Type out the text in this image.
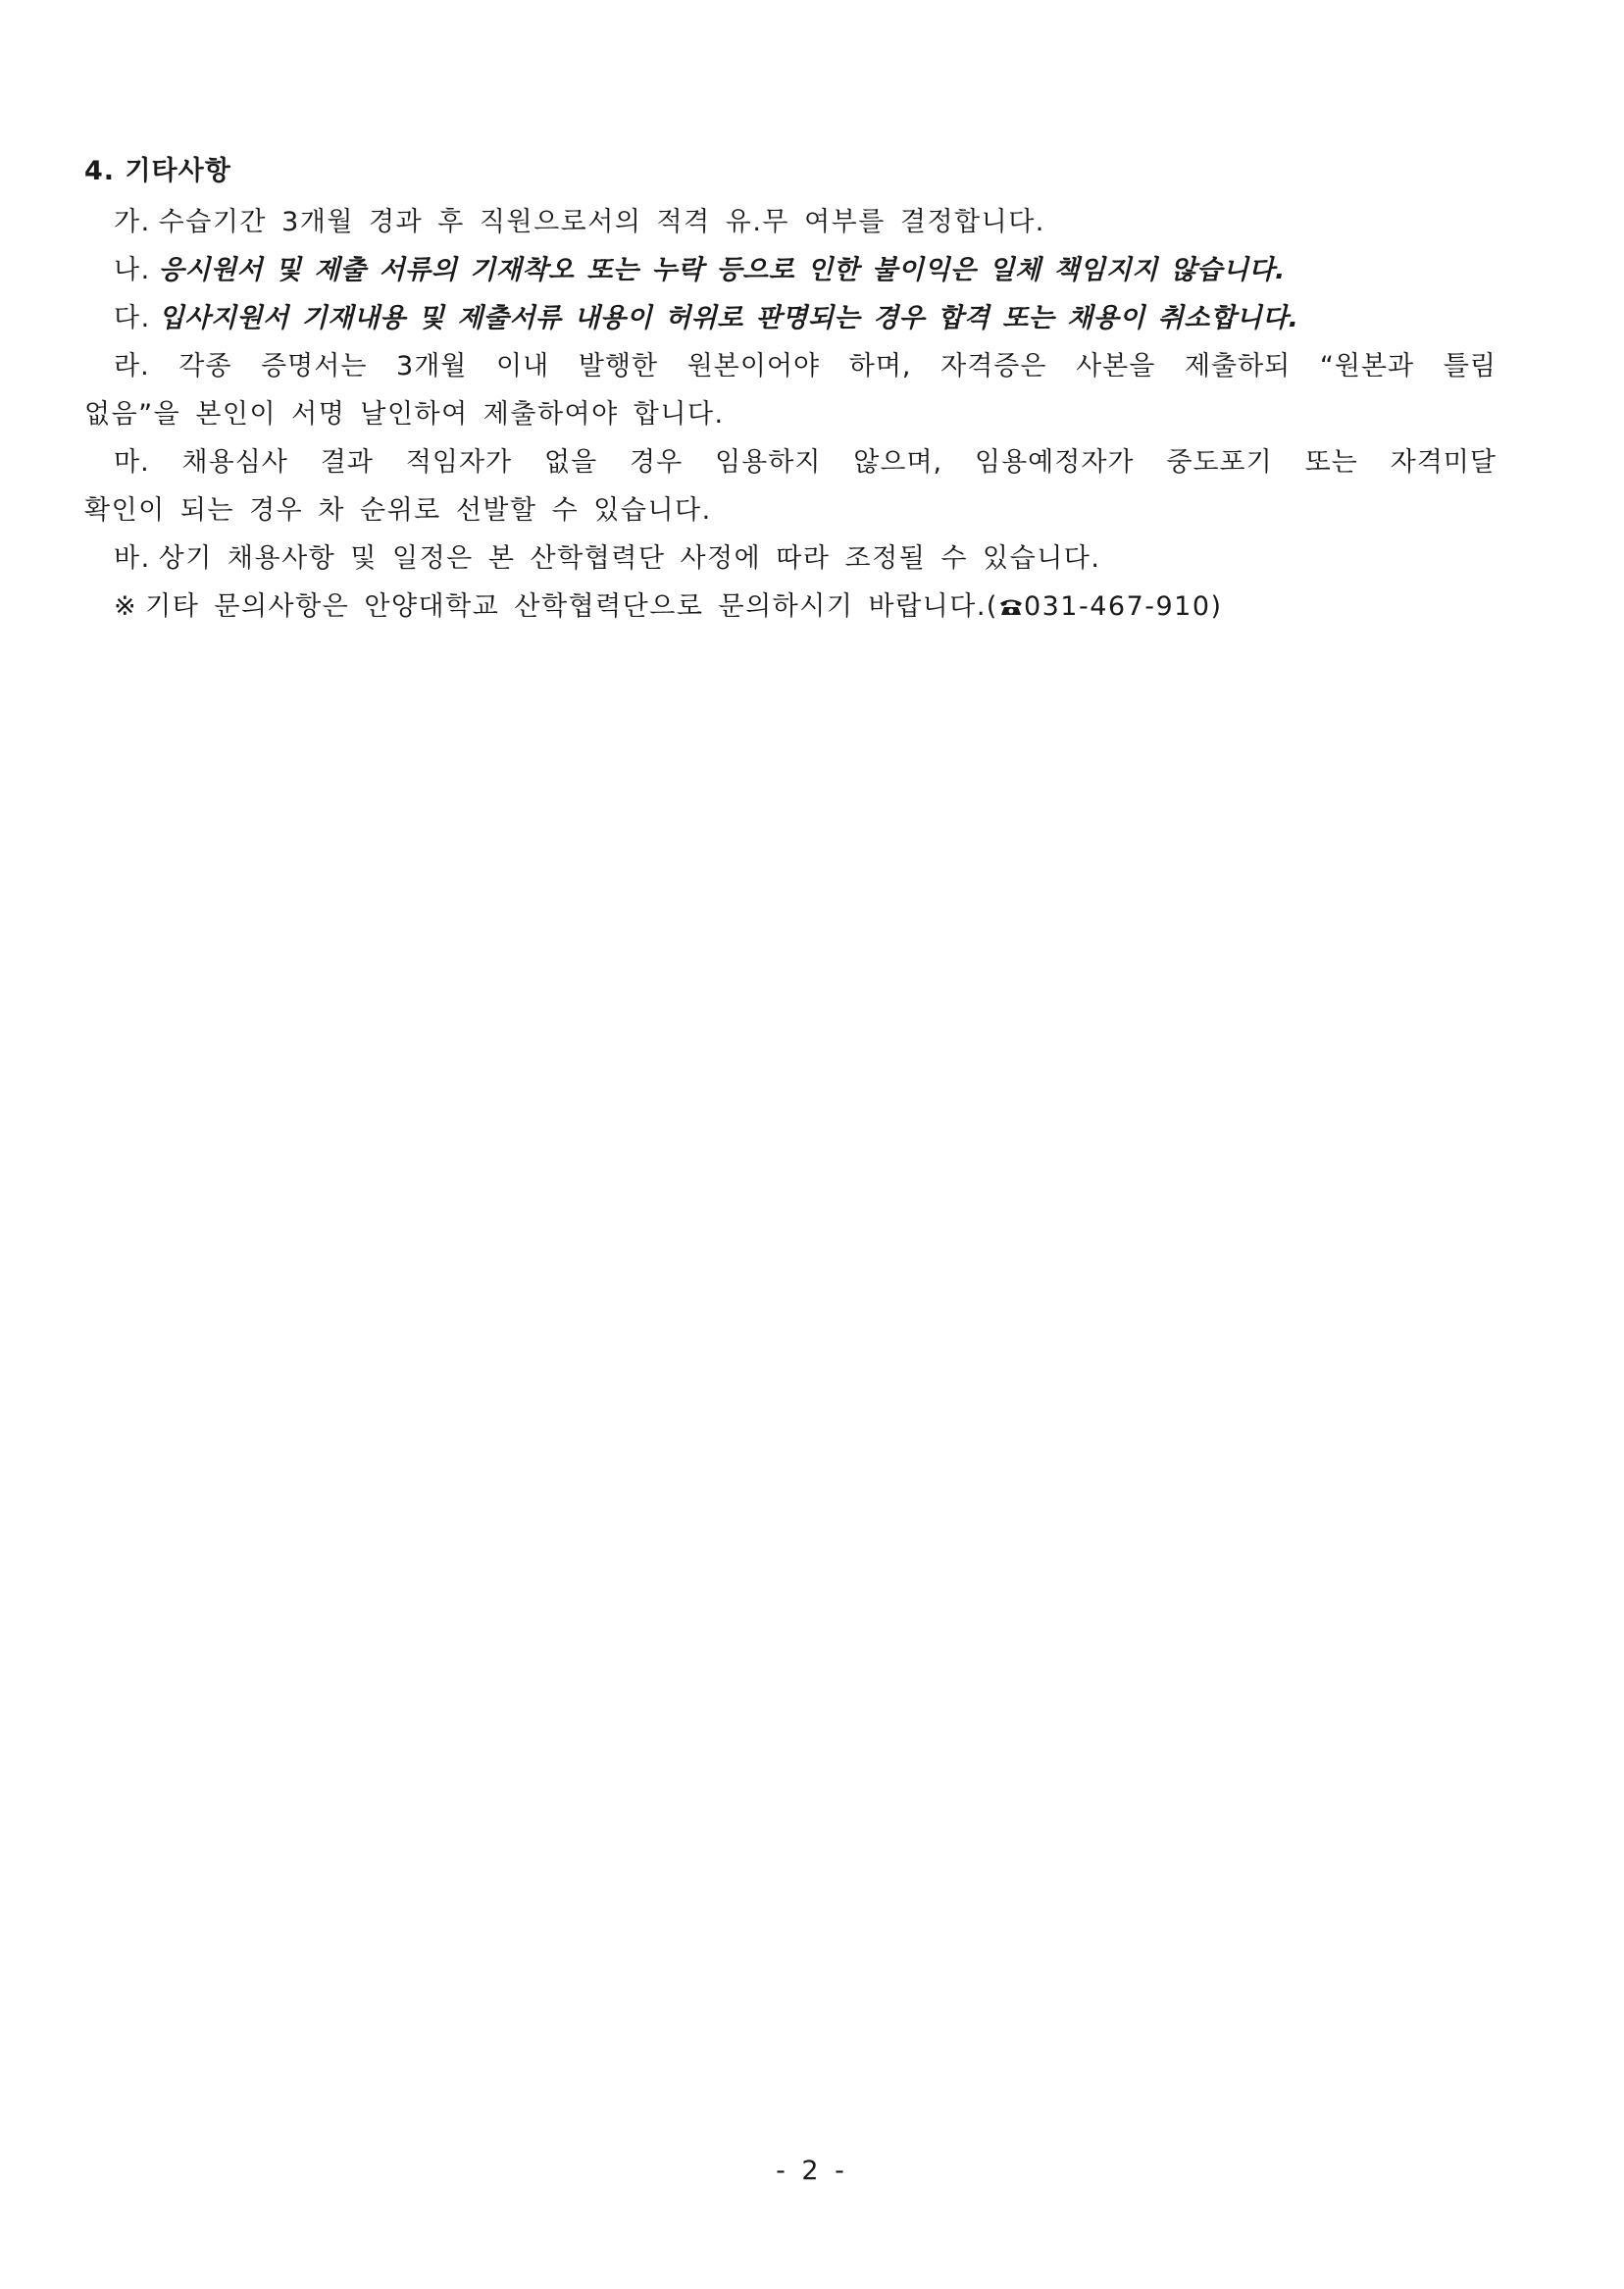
4. 기타사항
가. 수습기간 3개월 경과 후 직원으로서의 적격 유.무 여부를 결정합니다.
나. 응시원서 및 제출 서류의 기재착오 또는 누락 등으로 인한 불이익은 일체 책임지지 않습니다.
다. 입사지원서 기재내용 및 제출서류 내용이 허위로 판명되는 경우 합격 또는 채용이 취소합니다.
라. 각종 증명서는 3개월 이내 발행한 원본이어야 하며, 자격증은 사본을 제출하되 “원본과 틀림
없음”을 본인이 서명 날인하여 제출하여야 합니다.
마. 채용심사 결과 적임자가 없을 경우 임용하지 않으며, 임용예정자가 중도포기 또는 자격미달
확인이 되는 경우 차 순위로 선발할 수 있습니다.
바. 상기 채용사항 및 일정은 본 산학협력단 사정에 따라 조정될 수 있습니다.
※ 기타 문의사항은 안양대학교 산학협력단으로 문의하시기 바랍니다.( 031-467-910)
- 2 -
